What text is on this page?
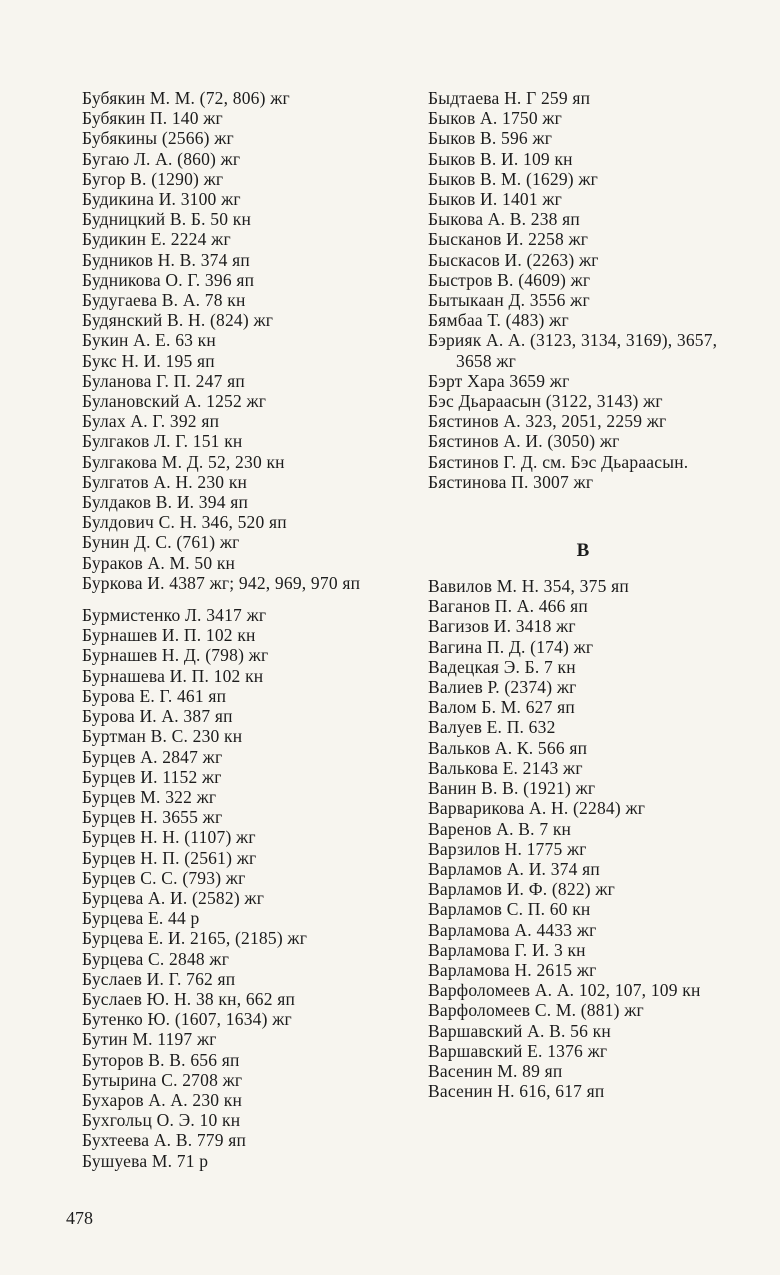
Бубякин М. М. (72, 806) жг

Бубякин П. 140 жг

Бубякины (2566) жг

Бугаю Л. А. (860) жг

Бугор В. (1290) жг

Будикина И. 3100 жг

Будницкий В. Б. 50 кн

Будикин Е. 2224 жг

Будников Н. В. 374 яп

Будникова О. Г. 396 яп

Будугаева В. А. 78 кн

Будянский В. Н. (824) жг

Букин А. Е. 63 кн

Букс Н. И. 195 яп

Буланова Г. П. 247 яп

Булановский А. 1252 жг

Булах А. Г. 392 яп

Булгаков Л. Г. 151 кн

Булгакова М. Д. 52, 230 кн

Булгатов А. Н. 230 кн

Булдаков В. И. 394 яп

Булдович С. Н. 346, 520 яп

Бунин Д. С. (761) жг

Бураков А. М. 50 кн

Буркова И. 4387 жг; 942, 969, 970 яп

Бурмистенко Л. 3417 жг

Бурнашев И. П. 102 кн

Бурнашев Н. Д. (798) жг

Бурнашева И. П. 102 кн

Бурова Е. Г. 461 яп

Бурова И. А. 387 яп

Буртман В. С. 230 кн

Бурцев А. 2847 жг

Бурцев И. 1152 жг

Бурцев М. 322 жг

Бурцев Н. 3655 жг

Бурцев Н. Н. (1107) жг

Бурцев Н. П. (2561) жг

Бурцев С. С. (793) жг

Бурцева А. И. (2582) жг

Бурцева Е. 44 р

Бурцева Е. И. 2165, (2185) жг

Бурцева С. 2848 жг

Буслаев И. Г. 762 яп

Буслаев Ю. Н. 38 кн, 662 яп

Бутенко Ю. (1607, 1634) жг

Бутин М. 1197 жг

Буторов В. В. 656 яп

Бутырина С. 2708 жг

Бухаров А. А. 230 кн

Бухгольц О. Э. 10 кн

Бухтеева А. В. 779 яп

Бушуева М. 71 р

Быдтаева Н. Г 259 яп

Быков А. 1750 жг

Быков В. 596 жг

Быков В. И. 109 кн

Быков В. М. (1629) жг

Быков И. 1401 жг

Быкова А. В. 238 яп

Бысканов И. 2258 жг

Быскасов И. (2263) жг

Быстров В. (4609) жг

Бытыкаан Д. 3556 жг

Бямбаа Т. (483) жг

Бэрияк А. А. (3123, 3134, 3169), 3657, 3658 жг

Бэрт Хара 3659 жг

Бэс Дьараасын (3122, 3143) жг

Бястинов А. 323, 2051, 2259 жг

Бястинов А. И. (3050) жг

Бястинов Г. Д. см. Бэс Дьараасын.

Бястинова П. 3007 жг

В

Вавилов М. Н. 354, 375 яп

Ваганов П. А. 466 яп

Вагизов И. 3418 жг

Вагина П. Д. (174) жг

Вадецкая Э. Б. 7 кн

Валиев Р. (2374) жг

Валом Б. М. 627 яп

Валуев Е. П. 632

Вальков А. К. 566 яп

Валькова Е. 2143 жг

Ванин В. В. (1921) жг

Варварикова А. Н. (2284) жг

Варенов А. В. 7 кн

Варзилов Н. 1775 жг

Варламов А. И. 374 яп

Варламов И. Ф. (822) жг

Варламов С. П. 60 кн

Варламова А. 4433 жг

Варламова Г. И. 3 кн

Варламова Н. 2615 жг

Варфоломеев А. А. 102, 107, 109 кн

Варфоломеев С. М. (881) жг

Варшавский А. В. 56 кн

Варшавский Е. 1376 жг

Васенин М. 89 яп

Васенин Н. 616, 617 яп

478
